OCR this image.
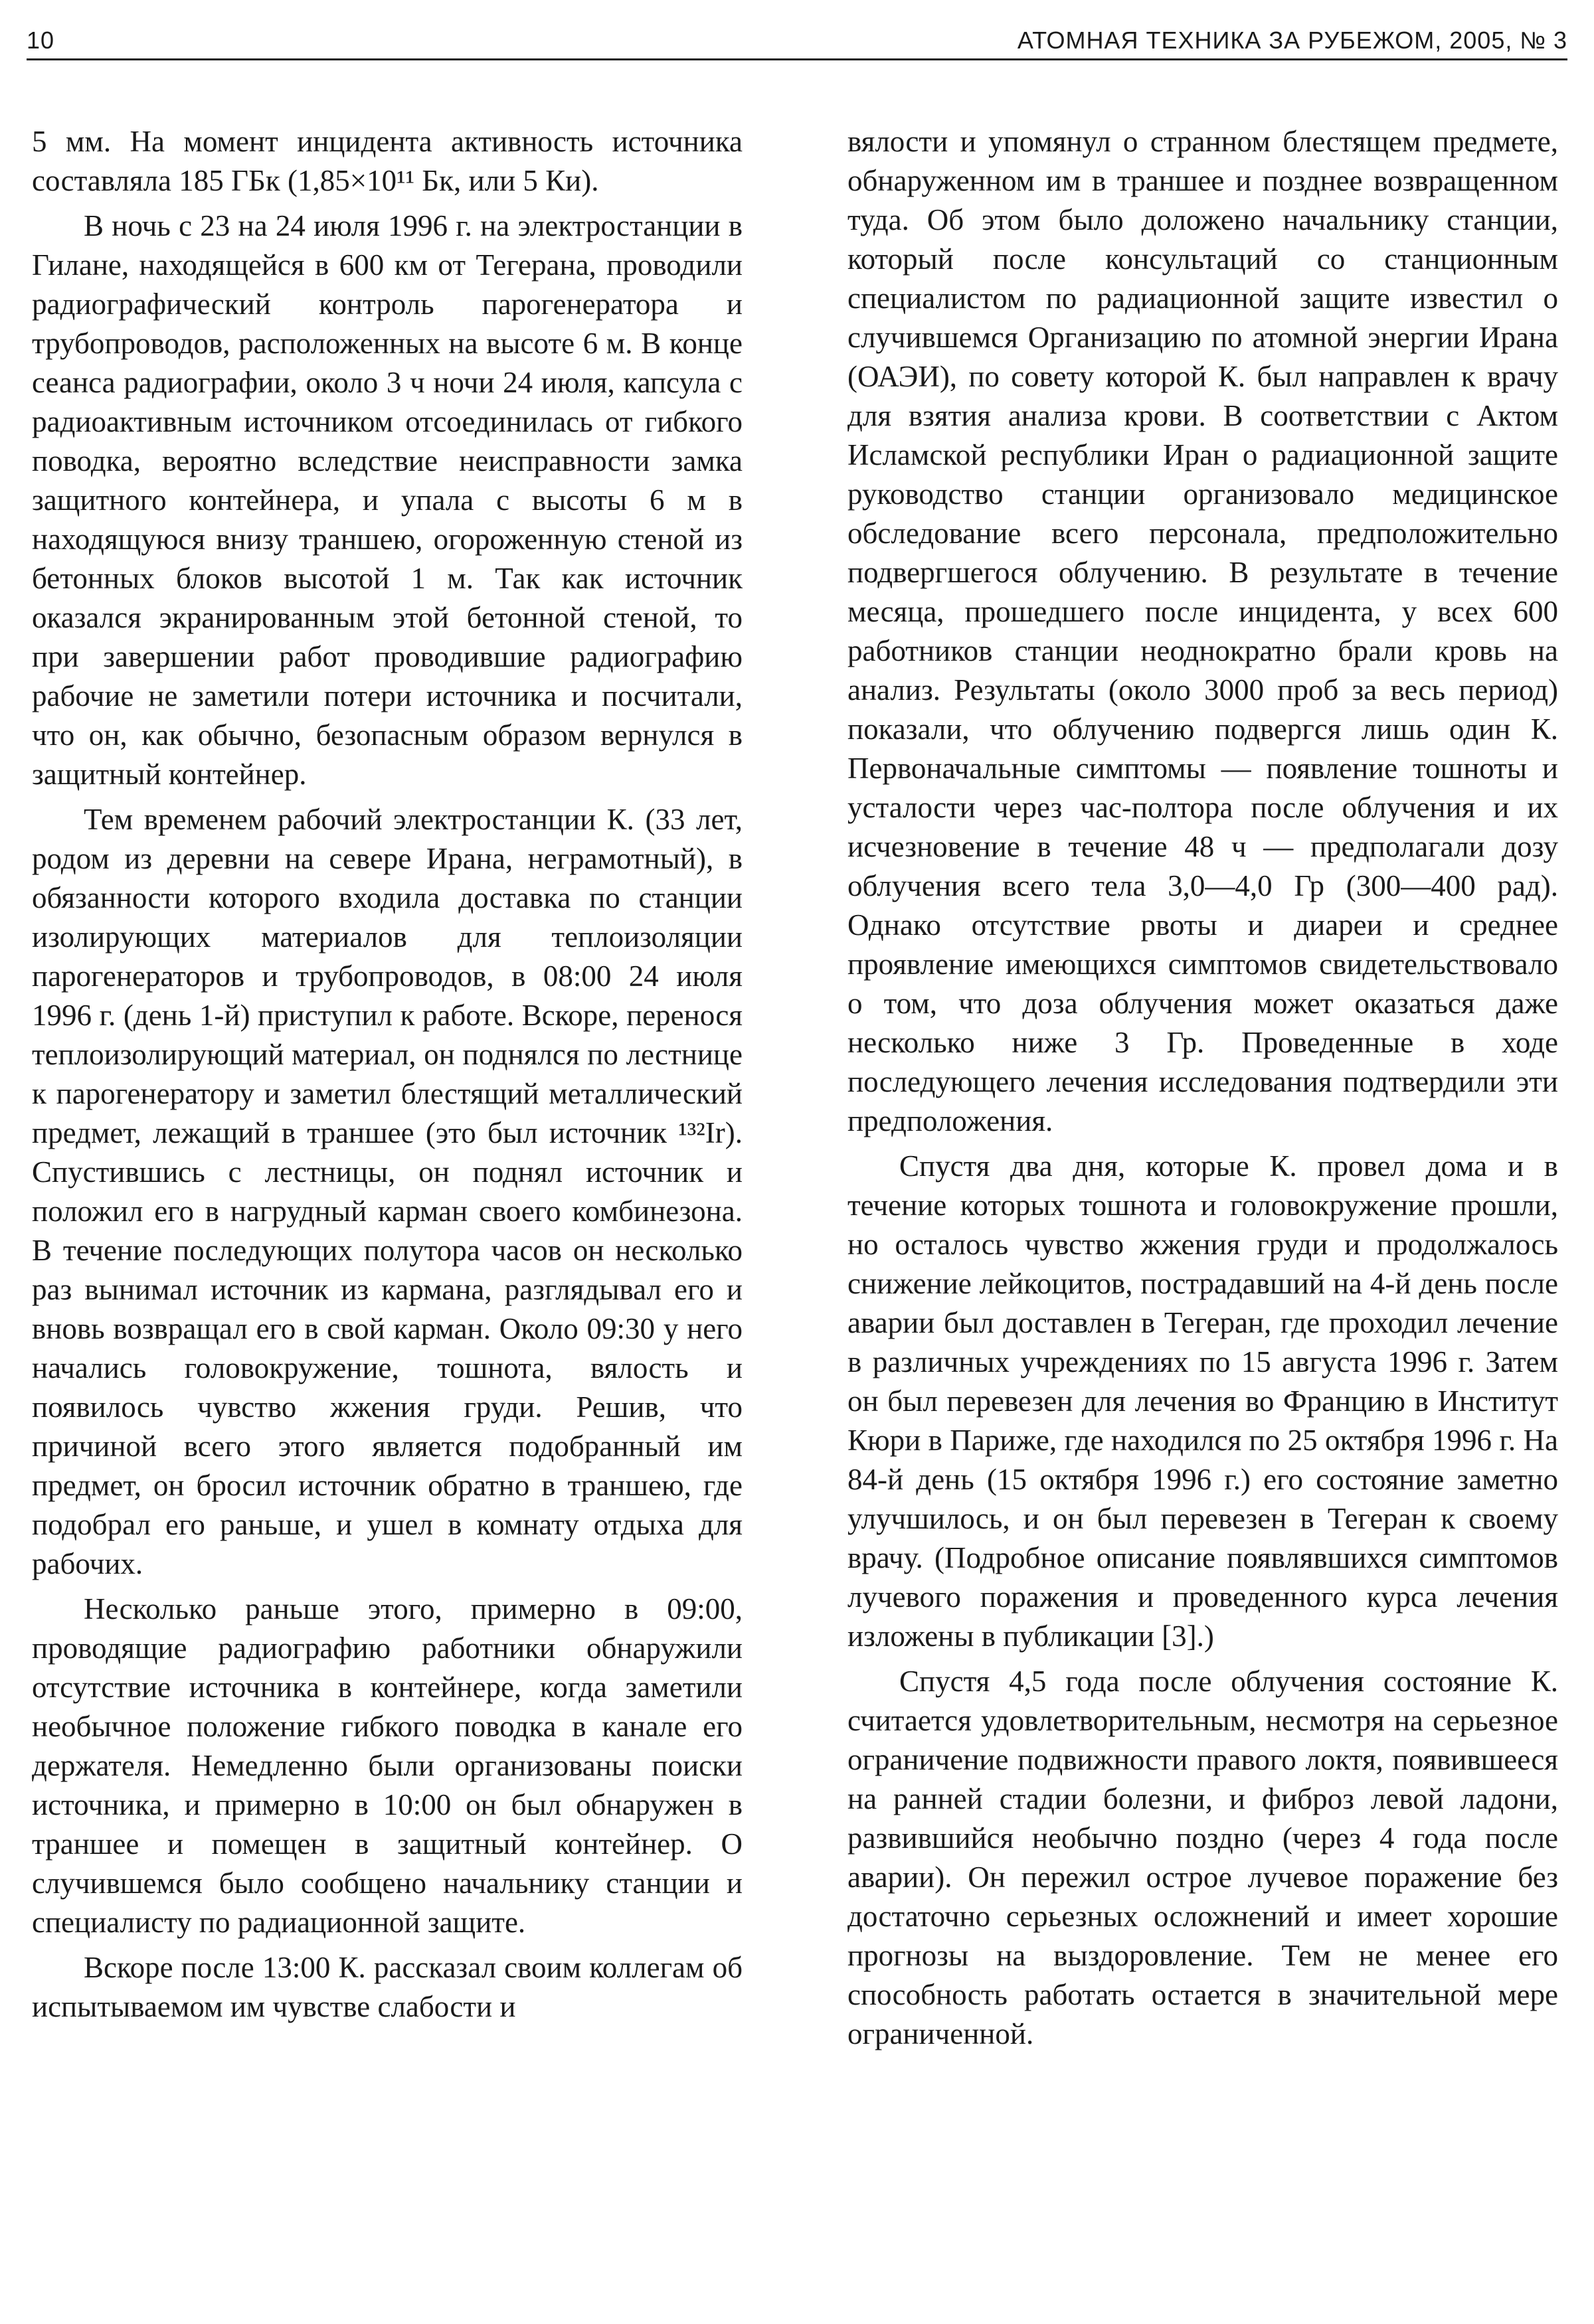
10	АТОМНАЯ ТЕХНИКА ЗА РУБЕЖОМ, 2005, № 3

5 мм. На момент инцидента активность источника составляла 185 ГБк (1,85×10¹¹ Бк, или 5 Ки).

В ночь с 23 на 24 июля 1996 г. на электростанции в Гилане, находящейся в 600 км от Тегерана, проводили радиографический контроль парогенератора и трубопроводов, расположенных на высоте 6 м. В конце сеанса радиографии, около 3 ч ночи 24 июля, капсула с радиоактивным источником отсоединилась от гибкого поводка, вероятно вследствие неисправности замка защитного контейнера, и упала с высоты 6 м в находящуюся внизу траншею, огороженную стеной из бетонных блоков высотой 1 м. Так как источник оказался экранированным этой бетонной стеной, то при завершении работ проводившие радиографию рабочие не заметили потери источника и посчитали, что он, как обычно, безопасным образом вернулся в защитный контейнер.

Тем временем рабочий электростанции К. (33 лет, родом из деревни на севере Ирана, неграмотный), в обязанности которого входила доставка по станции изолирующих материалов для теплоизоляции парогенераторов и трубопроводов, в 08:00 24 июля 1996 г. (день 1-й) приступил к работе. Вскоре, перенося теплоизолирующий материал, он поднялся по лестнице к парогенератору и заметил блестящий металлический предмет, лежащий в траншее (это был источник ¹³²Ir). Спустившись с лестницы, он поднял источник и положил его в нагрудный карман своего комбинезона. В течение последующих полутора часов он несколько раз вынимал источник из кармана, разглядывал его и вновь возвращал его в свой карман. Около 09:30 у него начались головокружение, тошнота, вялость и появилось чувство жжения груди. Решив, что причиной всего этого является подобранный им предмет, он бросил источник обратно в траншею, где подобрал его раньше, и ушел в комнату отдыха для рабочих.

Несколько раньше этого, примерно в 09:00, проводящие радиографию работники обнаружили отсутствие источника в контейнере, когда заметили необычное положение гибкого поводка в канале его держателя. Немедленно были организованы поиски источника, и примерно в 10:00 он был обнаружен в траншее и помещен в защитный контейнер. О случившемся было сообщено начальнику станции и специалисту по радиационной защите.

Вскоре после 13:00 К. рассказал своим коллегам об испытываемом им чувстве слабости и

вялости и упомянул о странном блестящем предмете, обнаруженном им в траншее и позднее возвращенном туда. Об этом было доложено начальнику станции, который после консультаций со станционным специалистом по радиационной защите известил о случившемся Организацию по атомной энергии Ирана (ОАЭИ), по совету которой К. был направлен к врачу для взятия анализа крови. В соответствии с Актом Исламской республики Иран о радиационной защите руководство станции организовало медицинское обследование всего персонала, предположительно подвергшегося облучению. В результате в течение месяца, прошедшего после инцидента, у всех 600 работников станции неоднократно брали кровь на анализ. Результаты (около 3000 проб за весь период) показали, что облучению подвергся лишь один К. Первоначальные симптомы — появление тошноты и усталости через час-полтора после облучения и их исчезновение в течение 48 ч — предполагали дозу облучения всего тела 3,0—4,0 Гр (300—400 рад). Однако отсутствие рвоты и диареи и среднее проявление имеющихся симптомов свидетельствовало о том, что доза облучения может оказаться даже несколько ниже 3 Гр. Проведенные в ходе последующего лечения исследования подтвердили эти предположения.

Спустя два дня, которые К. провел дома и в течение которых тошнота и головокружение прошли, но осталось чувство жжения груди и продолжалось снижение лейкоцитов, пострадавший на 4-й день после аварии был доставлен в Тегеран, где проходил лечение в различных учреждениях по 15 августа 1996 г. Затем он был перевезен для лечения во Францию в Институт Кюри в Париже, где находился по 25 октября 1996 г. На 84-й день (15 октября 1996 г.) его состояние заметно улучшилось, и он был перевезен в Тегеран к своему врачу. (Подробное описание появлявшихся симптомов лучевого поражения и проведенного курса лечения изложены в публикации [3].)

Спустя 4,5 года после облучения состояние К. считается удовлетворительным, несмотря на серьезное ограничение подвижности правого локтя, появившееся на ранней стадии болезни, и фиброз левой ладони, развившийся необычно поздно (через 4 года после аварии). Он пережил острое лучевое поражение без достаточно серьезных осложнений и имеет хорошие прогнозы на выздоровление. Тем не менее его способность работать остается в значительной мере ограниченной.
